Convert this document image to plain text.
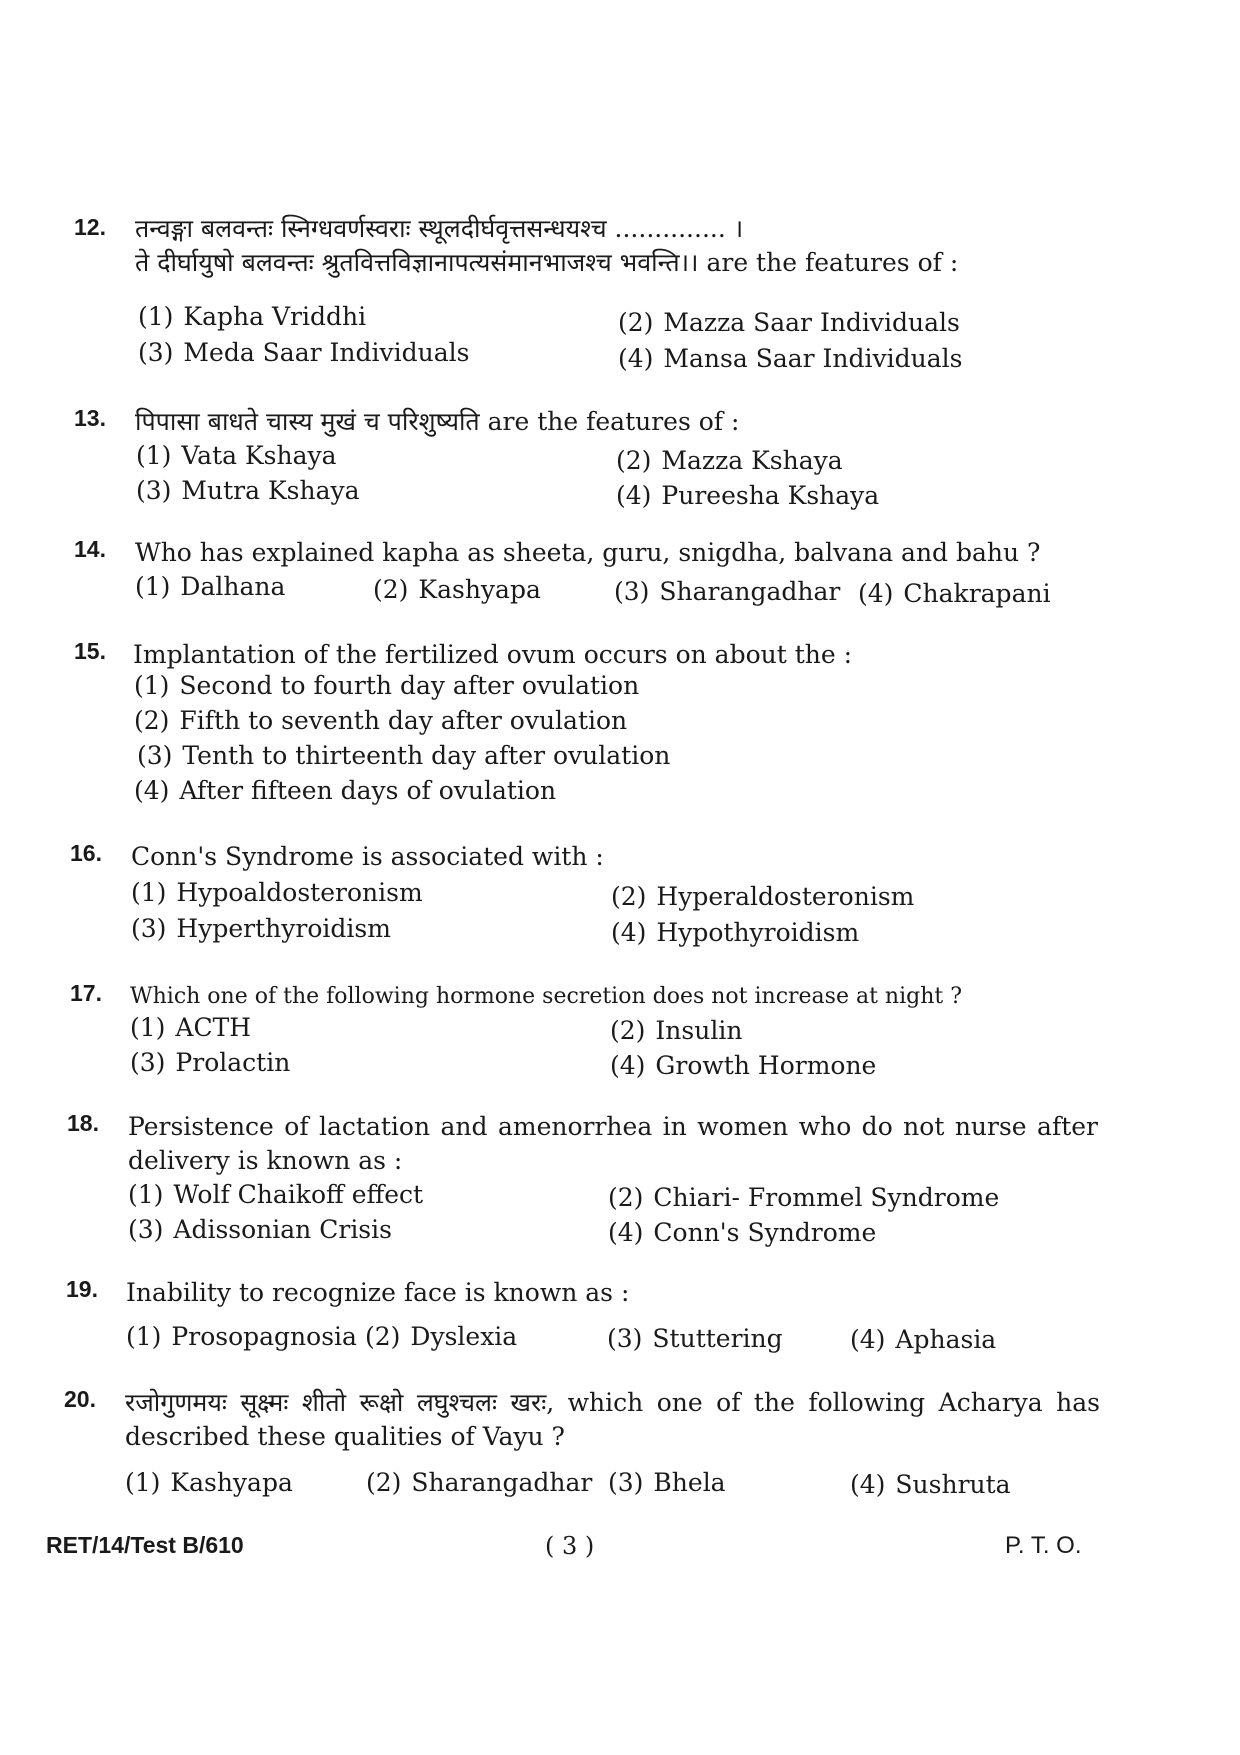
12. तन्वङ्गा बलवन्तः स्निग्धवर्णस्वराः स्थूलदीर्घवृत्तसन्धयश्च .............. ।
ते दीर्घायुषो बलवन्तः श्रुतवित्तविज्ञानापत्यसंमानभाजश्च भवन्ति।। are the features of :
(1) Kapha Vriddhi	(2) Mazza Saar Individuals
(3) Meda Saar Individuals	(4) Mansa Saar Individuals
13. पिपासा बाधते चास्य मुखं च परिशुष्यति are the features of :
(1) Vata Kshaya	(2) Mazza Kshaya
(3) Mutra Kshaya	(4) Pureesha Kshaya
14. Who has explained kapha as sheeta, guru, snigdha, balvana and bahu ?
(1) Dalhana	(2) Kashyapa	(3) Sharangadhar (4) Chakrapani
15. Implantation of the fertilized ovum occurs on about the :
(1) Second to fourth day after ovulation
(2) Fifth to seventh day after ovulation
(3) Tenth to thirteenth day after ovulation
(4) After fifteen days of ovulation
16. Conn's Syndrome is associated with :
(1) Hypoaldosteronism	(2) Hyperaldosteronism
(3) Hyperthyroidism	(4) Hypothyroidism
17. Which one of the following hormone secretion does not increase at night ?
(1) ACTH	(2) Insulin
(3) Prolactin	(4) Growth Hormone
18. Persistence of lactation and amenorrhea in women who do not nurse after delivery is known as :
(1) Wolf Chaikoff effect	(2) Chiari- Frommel Syndrome
(3) Adissonian Crisis	(4) Conn's Syndrome
19. Inability to recognize face is known as :
(1) Prosopagnosia (2) Dyslexia	(3) Stuttering	(4) Aphasia
20. रजोगुणमयः सूक्ष्मः शीतो रूक्षो लघुश्चलः खरः, which one of the following Acharya has described these qualities of Vayu ?
(1) Kashyapa	(2) Sharangadhar (3) Bhela	(4) Sushruta
RET/14/Test B/610	( 3 )	P. T. O.
